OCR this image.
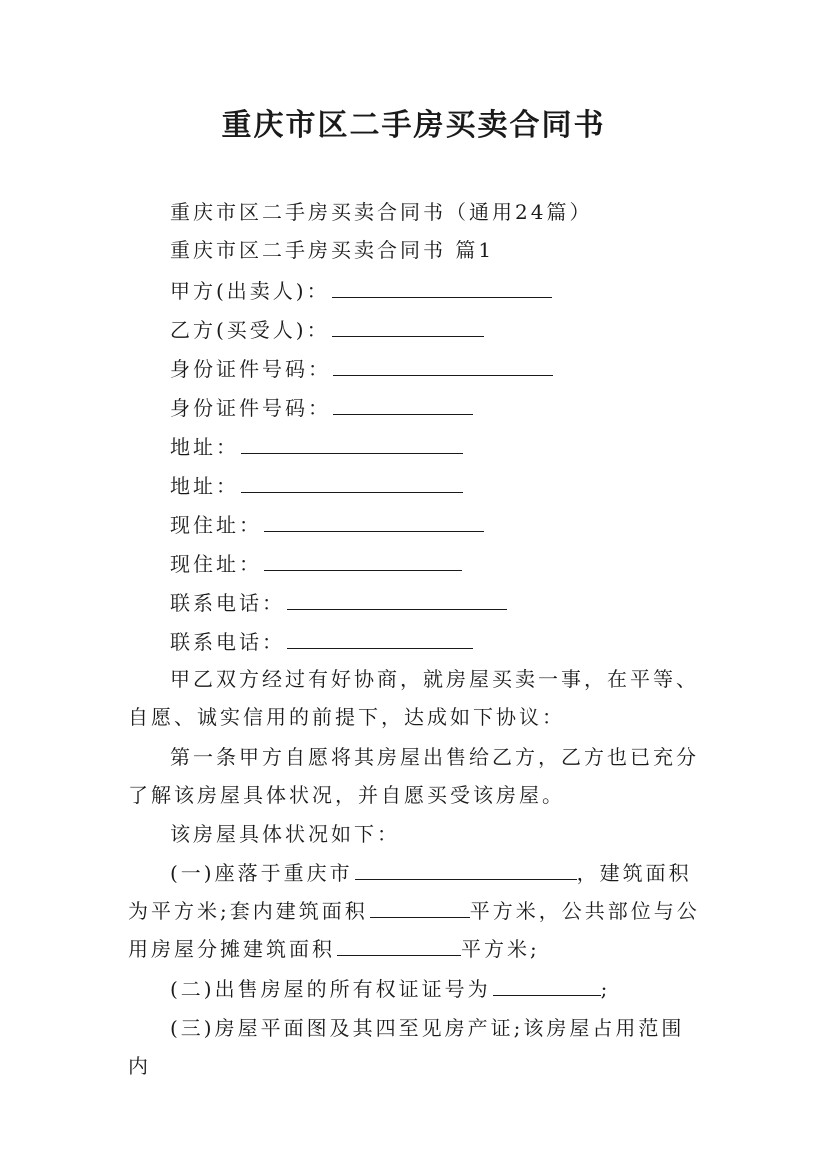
重庆市区二手房买卖合同书
重庆市区二手房买卖合同书（通用24篇）
重庆市区二手房买卖合同书 篇1
甲方(出卖人)：
乙方(买受人)：
身份证件号码：
身份证件号码：
地址：
地址：
现住址：
现住址：
联系电话：
联系电话：
甲乙双方经过有好协商，就房屋买卖一事，在平等、自愿、诚实信用的前提下，达成如下协议：
第一条甲方自愿将其房屋出售给乙方，乙方也已充分了解该房屋具体状况，并自愿买受该房屋。
该房屋具体状况如下：
(一)座落于重庆市	，建筑面积为平方米;套内建筑面积	平方米，公共部位与公用房屋分摊建筑面积	平方米;
(二)出售房屋的所有权证证号为	;
(三)房屋平面图及其四至见房产证;该房屋占用范围内
